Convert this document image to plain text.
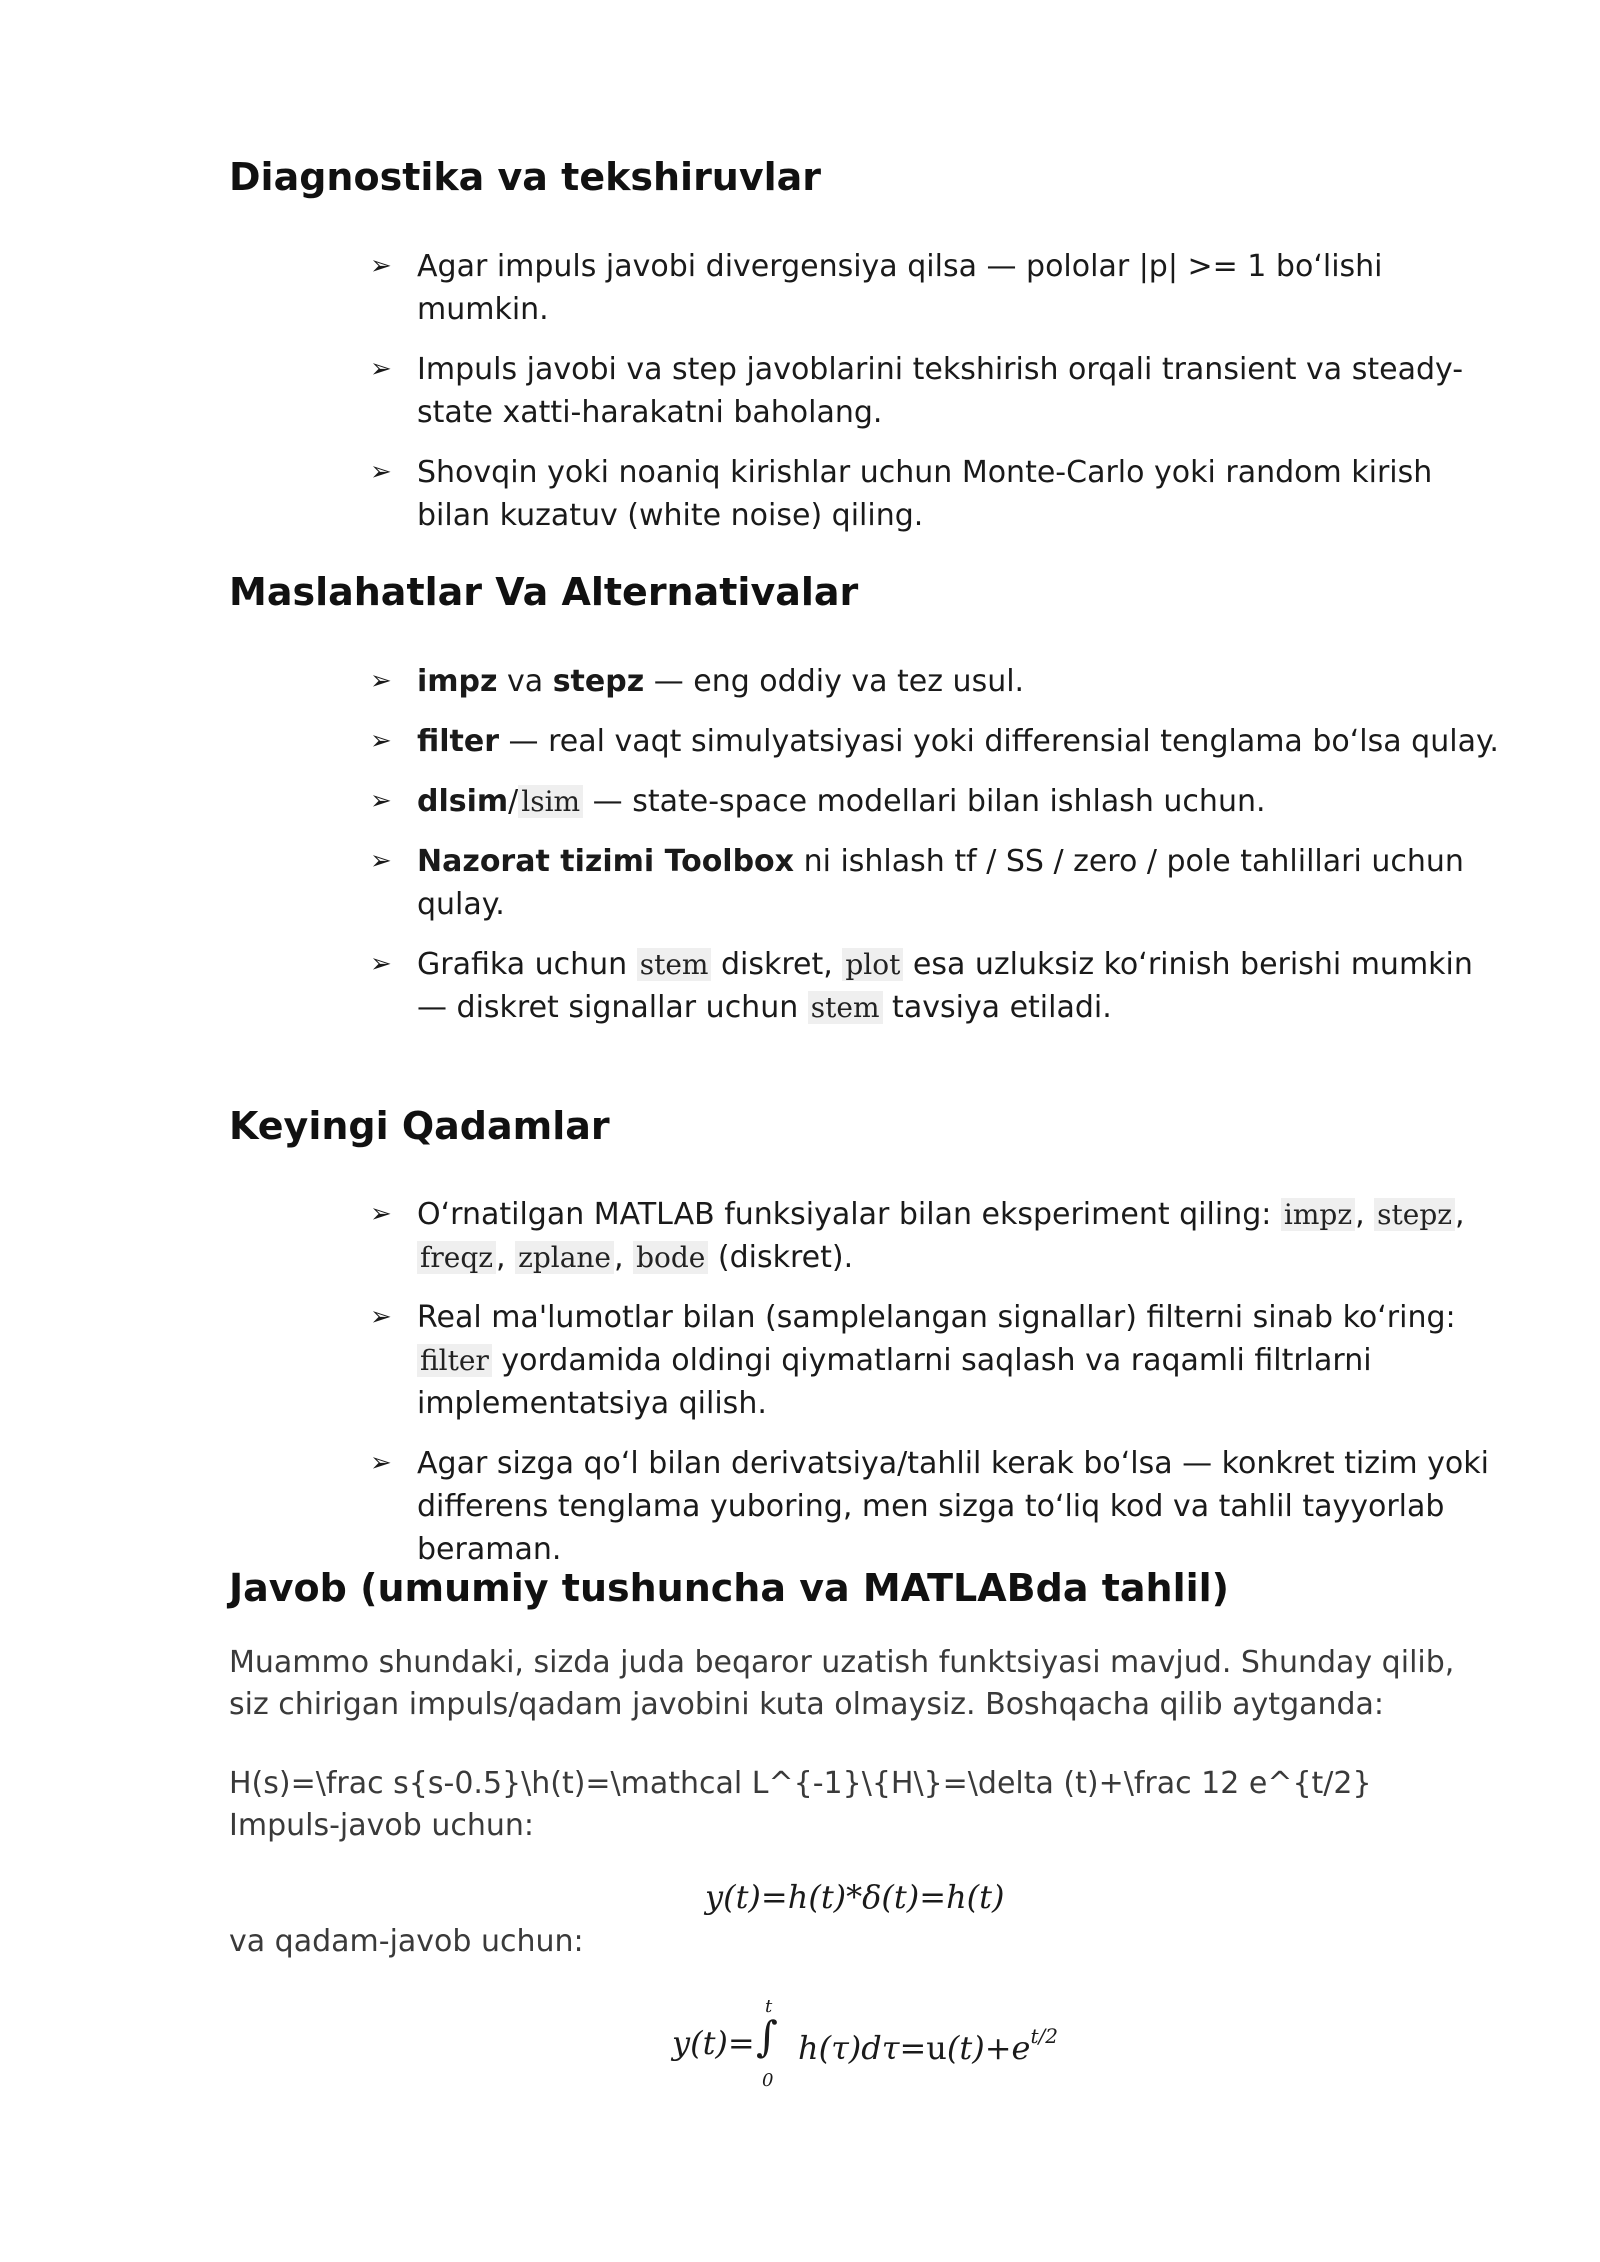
Diagnostika va tekshiruvlar
➢ Agar impuls javobi divergensiya qilsa — pololar |p| >= 1 bo‘lishi mumkin.
➢ Impuls javobi va step javoblarini tekshirish orqali transient va steady-state xatti-harakatni baholang.
➢ Shovqin yoki noaniq kirishlar uchun Monte-Carlo yoki random kirish bilan kuzatuv (white noise) qiling.
Maslahatlar Va Alternativalar
➢ impz va stepz — eng oddiy va tez usul.
➢ filter — real vaqt simulyatsiyasi yoki differensial tenglama bo‘lsa qulay.
➢ dlsim/ lsim — state-space modellari bilan ishlash uchun.
➢ Nazorat tizimi Toolbox ni ishlash tf / SS / zero / pole tahlillari uchun qulay.
➢ Grafika uchun stem diskret, plot esa uzluksiz ko‘rinish berishi mumkin — diskret signallar uchun stem tavsiya etiladi.
Keyingi Qadamlar
➢ O‘rnatilgan MATLAB funksiyalar bilan eksperiment qiling: impz , stepz , freqz , zplane , bode (diskret).
➢ Real ma'lumotlar bilan (samplelangan signallar) filterni sinab ko‘ring: filter yordamida oldingi qiymatlarni saqlash va raqamli filtrlarni implementatsiya qilish.
➢ Agar sizga qo‘l bilan derivatsiya/tahlil kerak bo‘lsa — konkret tizim yoki differens tenglama yuboring, men sizga to‘liq kod va tahlil tayyorlab beraman.
Javob (umumiy tushuncha va MATLABda tahlil)

Muammo shundaki, sizda juda beqaror uzatish funktsiyasi mavjud. Shunday qilib, siz chirigan impuls/qadam javobini kuta olmaysiz. Boshqacha qilib aytganda:

H(s)=\frac s{s-0.5}\h(t)=\mathcal L^{-1}\{H\}=\delta (t)+\frac 12 e^{t/2}

Impuls-javob uchun:

y(t)=h(t)*δ(t)=h(t)

va qadam-javob uchun:

y(t)=
t
∫
0
$h(\tau)d\tau=u(t)+e^{t/2}$
